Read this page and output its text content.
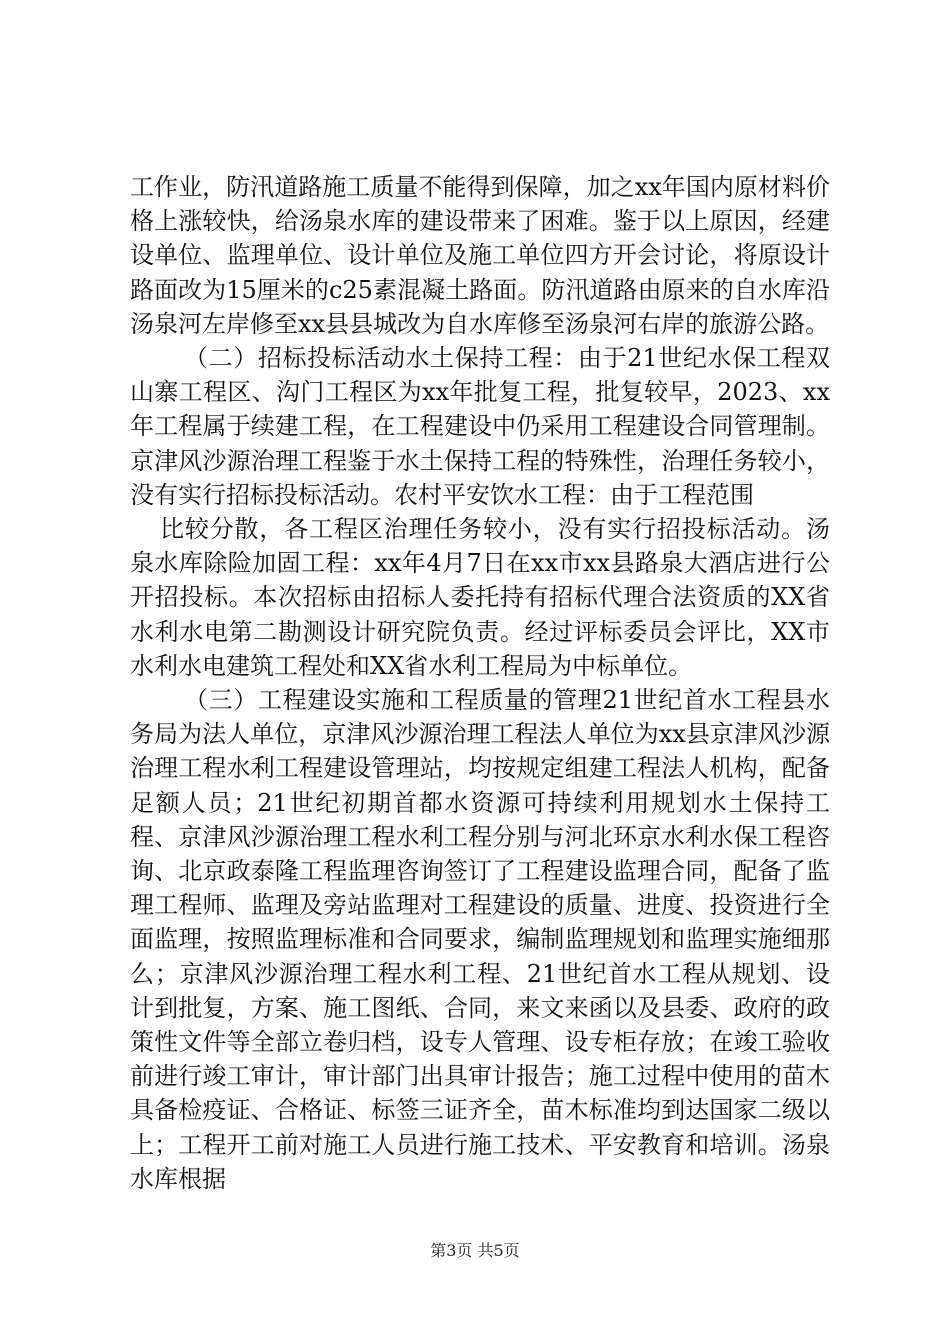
工作业，防汛道路施工质量不能得到保障，加之xx年国内原材料价格上涨较快，给汤泉水库的建设带来了困难。鉴于以上原因，经建设单位、监理单位、设计单位及施工单位四方开会讨论，将原设计路面改为15厘米的c25素混凝土路面。防汛道路由原来的自水库沿汤泉河左岸修至xx县县城改为自水库修至汤泉河右岸的旅游公路。

（二）招标投标活动水土保持工程：由于21世纪水保工程双山寨工程区、沟门工程区为xx年批复工程，批复较早，2023、xx年工程属于续建工程，在工程建设中仍采用工程建设合同管理制。京津风沙源治理工程鉴于水土保持工程的特殊性，治理任务较小，没有实行招标投标活动。农村平安饮水工程：由于工程范围

比较分散，各工程区治理任务较小，没有实行招投标活动。汤泉水库除险加固工程：xx年4月7日在xx市xx县路泉大酒店进行公开招投标。本次招标由招标人委托持有招标代理合法资质的XX省水利水电第二勘测设计研究院负责。经过评标委员会评比，XX市水利水电建筑工程处和XX省水利工程局为中标单位。

（三）工程建设实施和工程质量的管理21世纪首水工程县水务局为法人单位，京津风沙源治理工程法人单位为xx县京津风沙源治理工程水利工程建设管理站，均按规定组建工程法人机构，配备足额人员；21世纪初期首都水资源可持续利用规划水土保持工程、京津风沙源治理工程水利工程分别与河北环京水利水保工程咨询、北京政泰隆工程监理咨询签订了工程建设监理合同，配备了监理工程师、监理及旁站监理对工程建设的质量、进度、投资进行全面监理，按照监理标准和合同要求，编制监理规划和监理实施细那么；京津风沙源治理工程水利工程、21世纪首水工程从规划、设计到批复，方案、施工图纸、合同，来文来函以及县委、政府的政策性文件等全部立卷归档，设专人管理、设专柜存放；在竣工验收前进行竣工审计，审计部门出具审计报告；施工过程中使用的苗木具备检疫证、合格证、标签三证齐全，苗木标准均到达国家二级以上；工程开工前对施工人员进行施工技术、平安教育和培训。汤泉水库根据

第3页 共5页
